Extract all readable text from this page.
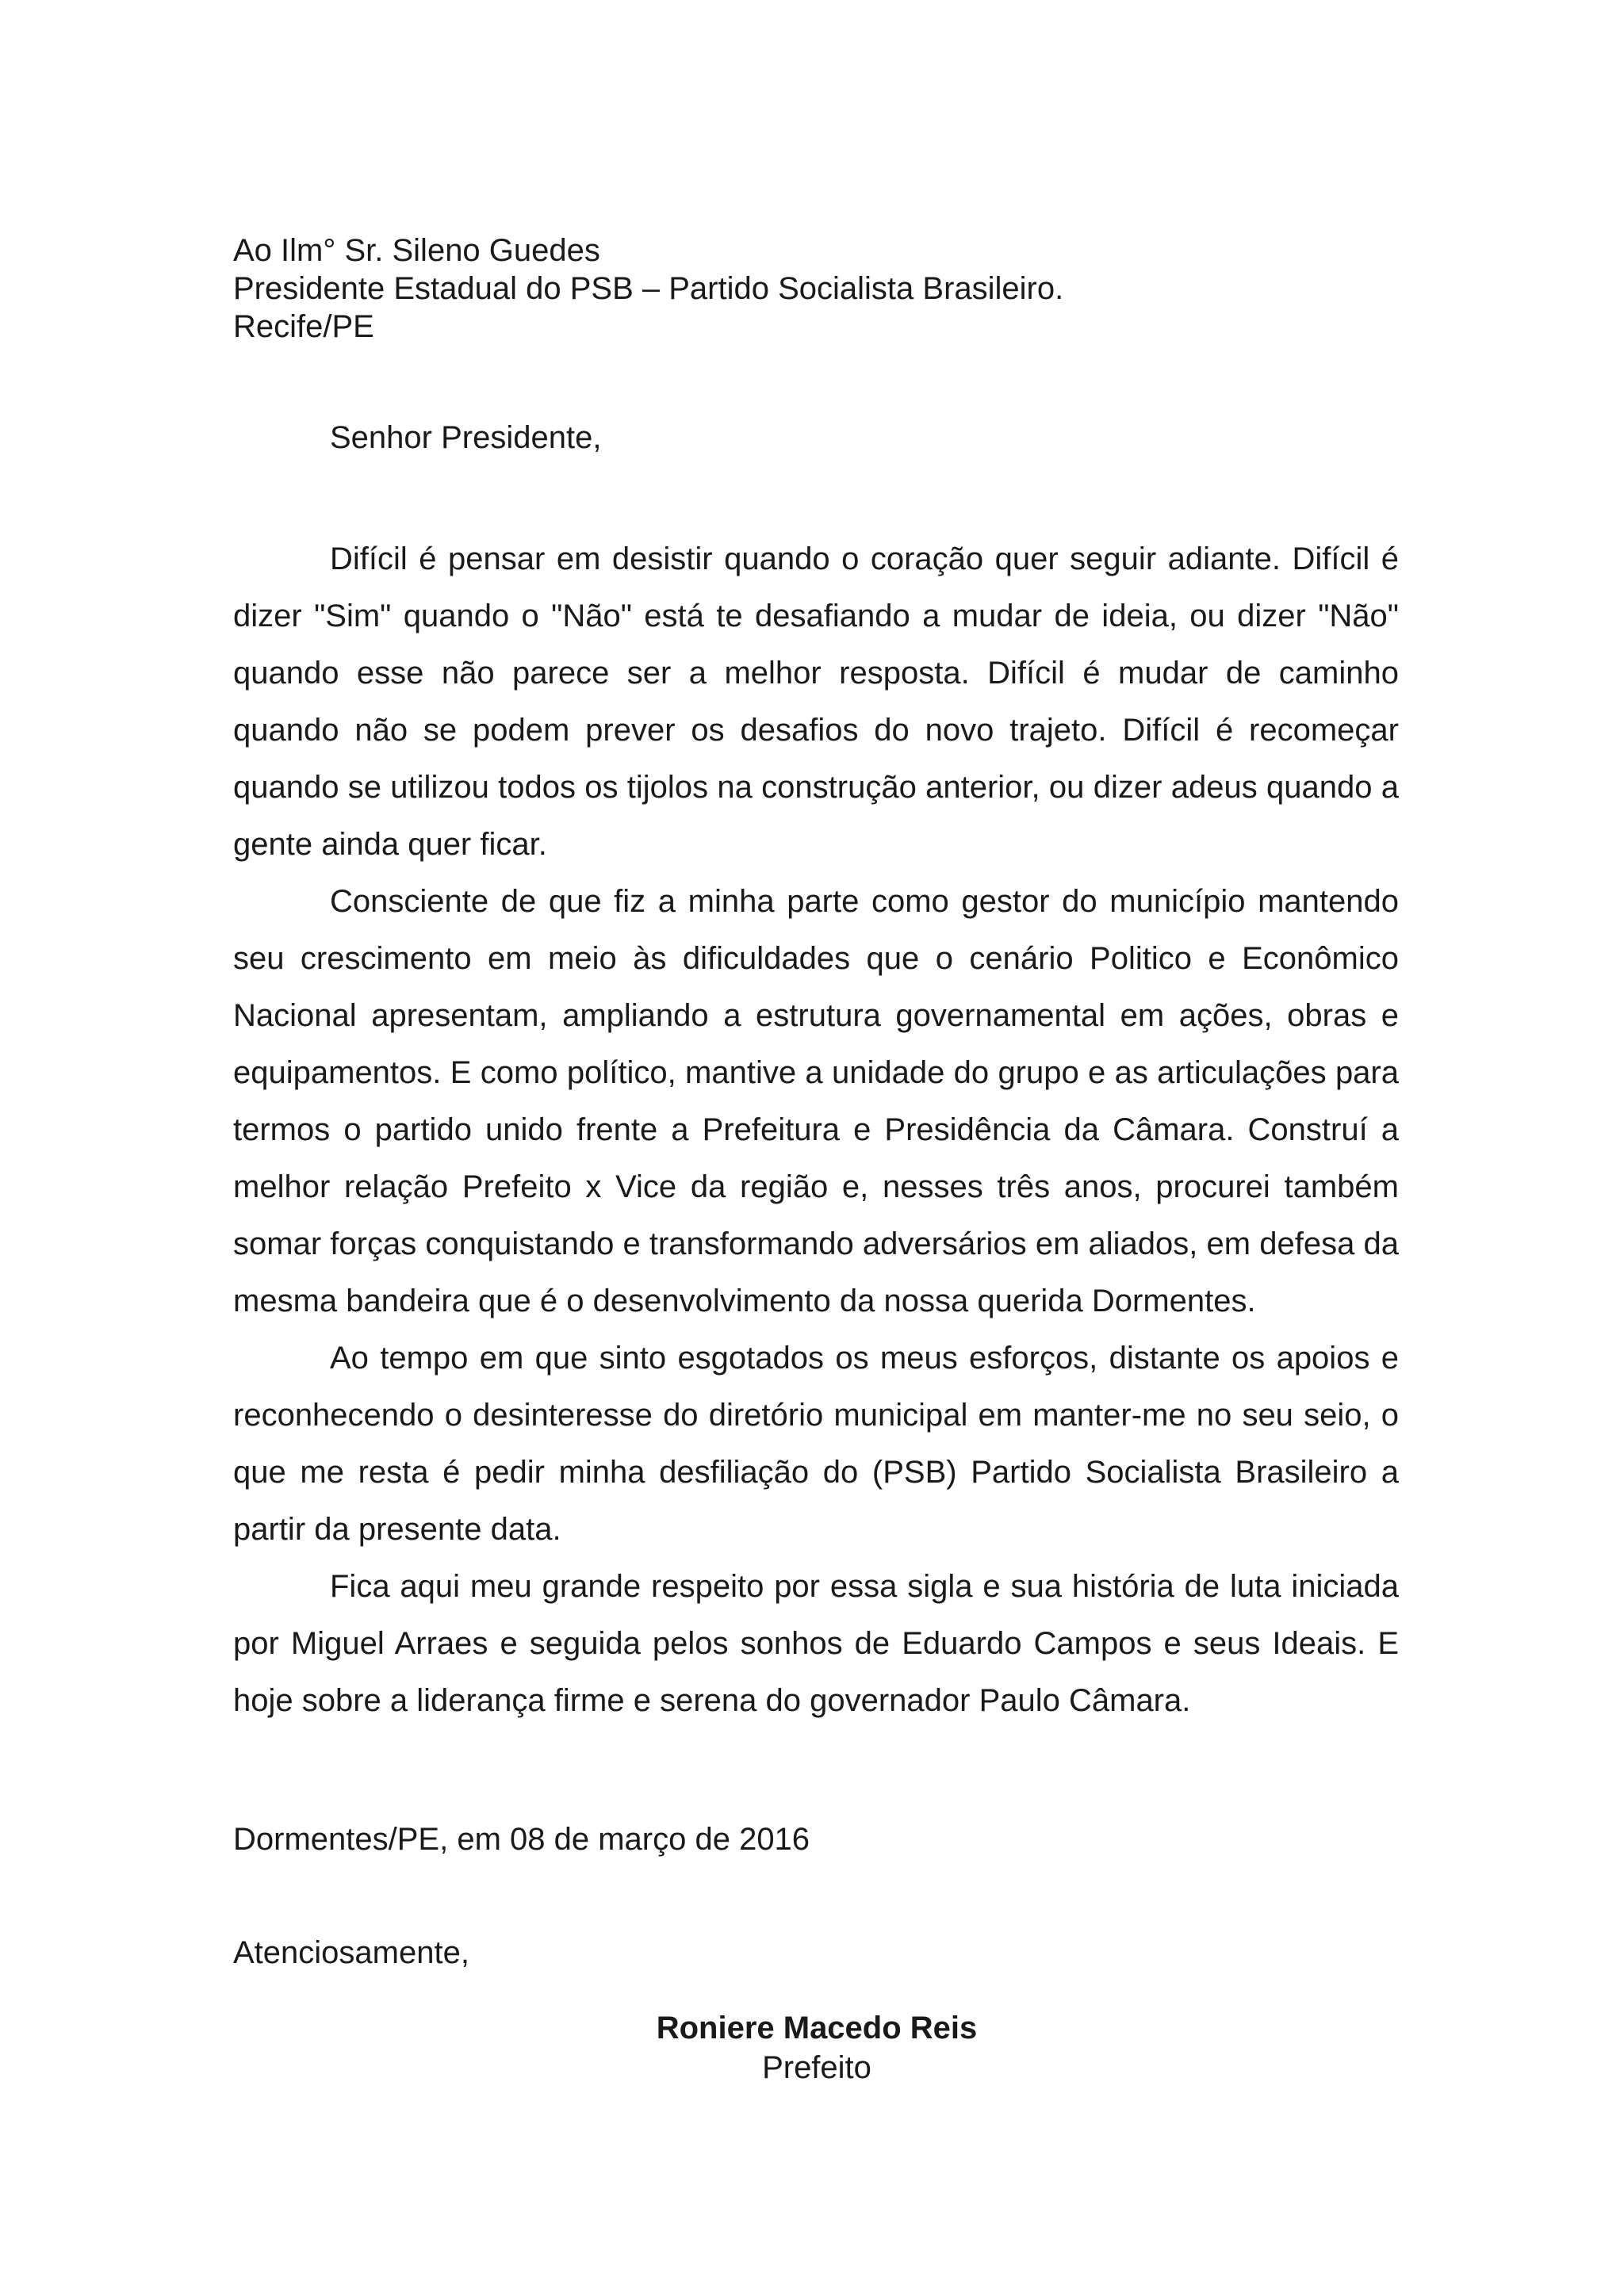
Ao Ilm° Sr. Sileno Guedes
Presidente Estadual do PSB – Partido Socialista Brasileiro.
Recife/PE
Senhor Presidente,

Difícil é pensar em desistir quando o coração quer seguir adiante. Difícil é dizer "Sim" quando o "Não" está te desafiando a mudar de ideia, ou dizer "Não" quando esse não parece ser a melhor resposta. Difícil é mudar de caminho quando não se podem prever os desafios do novo trajeto. Difícil é recomeçar quando se utilizou todos os tijolos na construção anterior, ou dizer adeus quando a gente ainda quer ficar.

Consciente de que fiz a minha parte como gestor do município mantendo seu crescimento em meio às dificuldades que o cenário Politico e Econômico Nacional apresentam, ampliando a estrutura governamental em ações, obras e equipamentos. E como político, mantive a unidade do grupo e as articulações para termos o partido unido frente a Prefeitura e Presidência da Câmara. Construí a melhor relação Prefeito x Vice da região e, nesses três anos, procurei também somar forças conquistando e transformando adversários em aliados, em defesa da mesma bandeira que é o desenvolvimento da nossa querida Dormentes.

Ao tempo em que sinto esgotados os meus esforços, distante os apoios e reconhecendo o desinteresse do diretório municipal em manter-me no seu seio, o que me resta é pedir minha desfiliação do (PSB) Partido Socialista Brasileiro a partir da presente data.

Fica aqui meu grande respeito por essa sigla e sua história de luta iniciada por Miguel Arraes e seguida pelos sonhos de Eduardo Campos e seus Ideais. E hoje sobre a liderança firme e serena do governador Paulo Câmara.

Dormentes/PE, em 08 de março de 2016
Atenciosamente,
Roniere Macedo Reis
Prefeito
